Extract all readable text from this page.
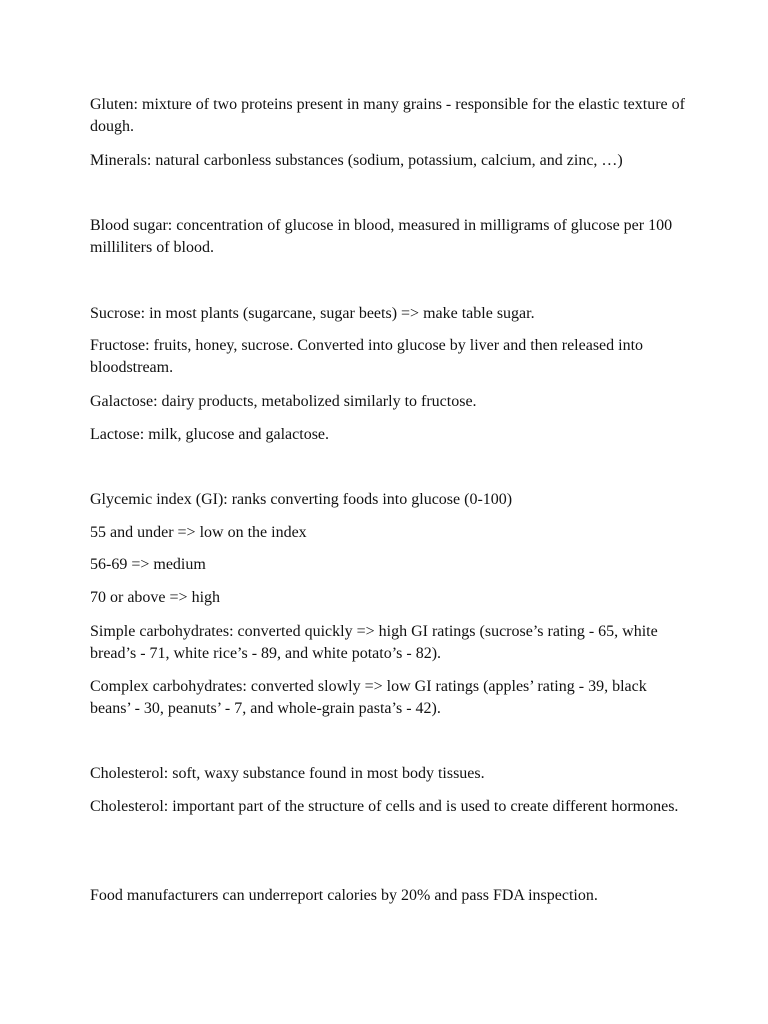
Gluten: mixture of two proteins present in many grains - responsible for the elastic texture of dough.

Minerals: natural carbonless substances (sodium, potassium, calcium, and zinc, …)

Blood sugar: concentration of glucose in blood, measured in milligrams of glucose per 100 milliliters of blood.

Sucrose: in most plants (sugarcane, sugar beets) => make table sugar.

Fructose: fruits, honey, sucrose. Converted into glucose by liver and then released into bloodstream.

Galactose: dairy products, metabolized similarly to fructose.

Lactose: milk, glucose and galactose.

Glycemic index (GI): ranks converting foods into glucose (0-100)

55 and under => low on the index

56-69 => medium

70 or above => high

Simple carbohydrates: converted quickly => high GI ratings (sucrose’s rating - 65, white bread’s - 71, white rice’s - 89, and white potato’s - 82).

Complex carbohydrates: converted slowly => low GI ratings (apples’ rating - 39, black beans’ - 30, peanuts’ - 7, and whole-grain pasta’s - 42).

Cholesterol: soft, waxy substance found in most body tissues.

Cholesterol: important part of the structure of cells and is used to create different hormones.

Food manufacturers can underreport calories by 20% and pass FDA inspection.
